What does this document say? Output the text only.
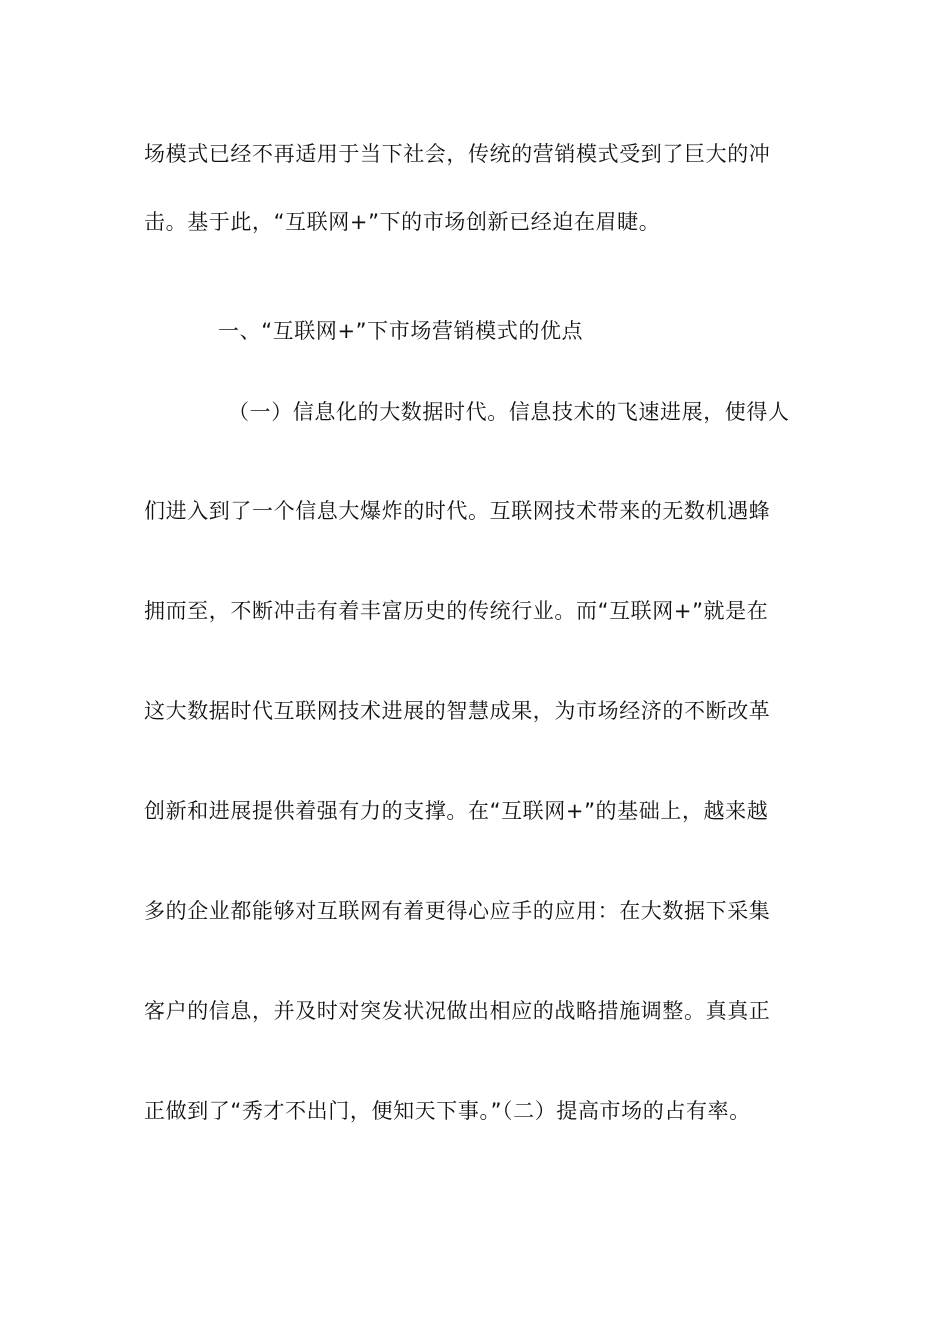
场模式已经不再适用于当下社会，传统的营销模式受到了巨大的冲
击。基于此，“互联网+”下的市场创新已经迫在眉睫。
一、“互联网+”下市场营销模式的优点
（一）信息化的大数据时代。信息技术的飞速进展，使得人
们进入到了一个信息大爆炸的时代。互联网技术带来的无数机遇蜂
拥而至，不断冲击有着丰富历史的传统行业。而“互联网+”就是在
这大数据时代互联网技术进展的智慧成果，为市场经济的不断改革
创新和进展提供着强有力的支撑。在“互联网+”的基础上，越来越
多的企业都能够对互联网有着更得心应手的应用：在大数据下采集
客户的信息，并及时对突发状况做出相应的战略措施调整。真真正
正做到了“秀才不出门，便知天下事。”（二）提高市场的占有率。
